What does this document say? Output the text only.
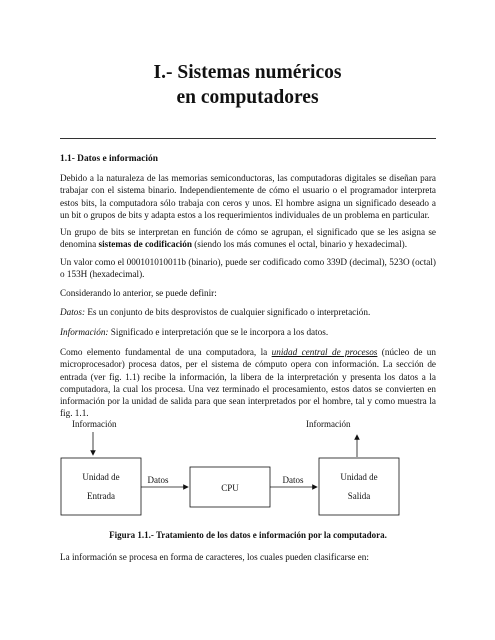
I.- Sistemas numéricos
en computadores
1.1- Datos e información
Debido a la naturaleza de las memorias semiconductoras, las computadoras digitales se diseñan para trabajar con el sistema binario. Independientemente de cómo el usuario o el programador interpreta estos bits, la computadora sólo trabaja con ceros y unos. El hombre asigna un significado deseado a un bit o grupos de bits y adapta estos a los requerimientos individuales de un problema en particular.
Un grupo de bits se interpretan en función de cómo se agrupan, el significado que se les asigna se denomina sistemas de codificación (siendo los más comunes el octal, binario y hexadecimal).
Un valor como el 000101010011b (binario), puede ser codificado como 339D (decimal), 523O (octal) o 153H (hexadecimal).
Considerando lo anterior, se puede definir:
Datos: Es un conjunto de bits desprovistos de cualquier significado o interpretación.
Información: Significado e interpretación que se le incorpora a los datos.
Como elemento fundamental de una computadora, la unidad central de procesos (núcleo de un microprocesador) procesa datos, per el sistema de cómputo opera con información. La sección de entrada (ver fig. 1.1) recibe la información, la libera de la interpretación y presenta los datos a la computadora, la cual los procesa. Una vez terminado el procesamiento, estos datos se convierten en información por la unidad de salida para que sean interpretados por el hombre, tal y como muestra la fig. 1.1.
Información	Información
Unidad de
Entrada
CPU
Unidad de
Salida
Datos	Datos
Figura 1.1.- Tratamiento de los datos e información por la computadora.
La información se procesa en forma de caracteres, los cuales pueden clasificarse en:
